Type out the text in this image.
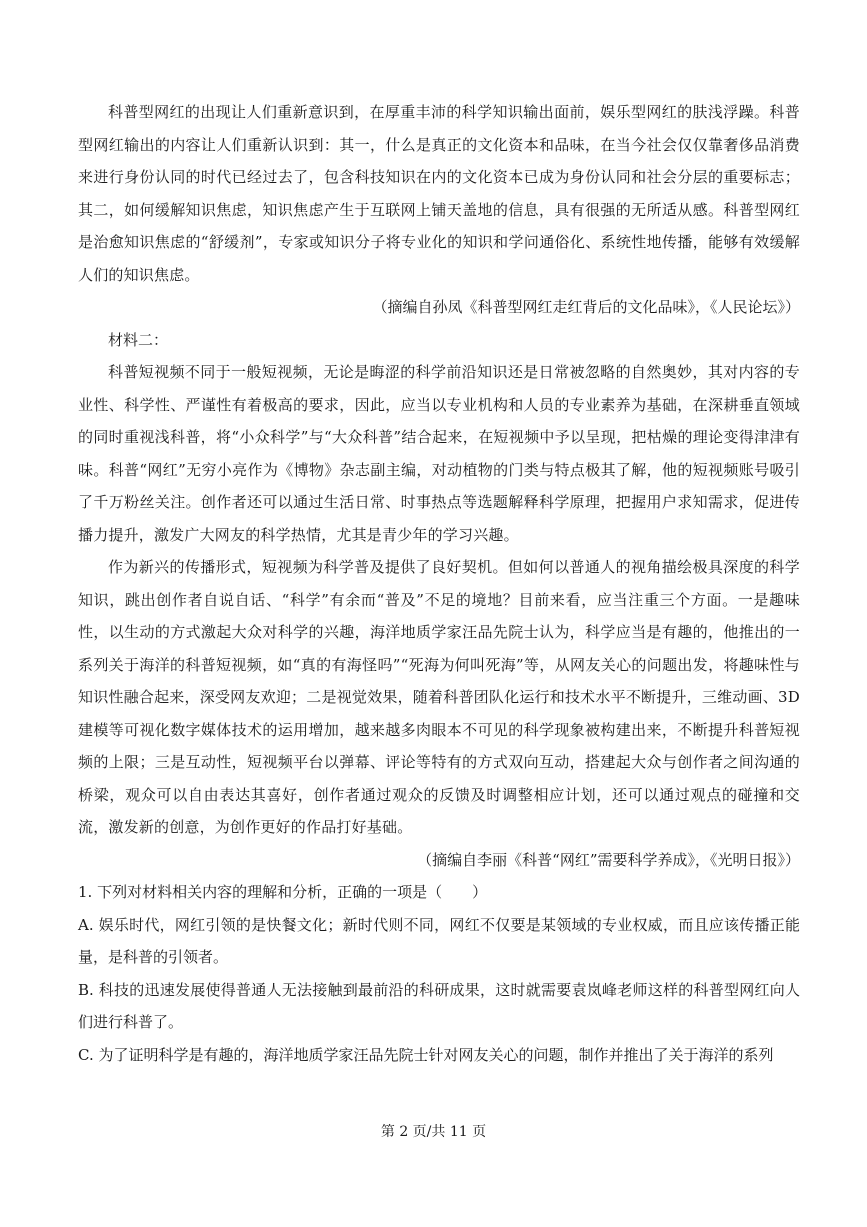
科普型网红的出现让人们重新意识到，在厚重丰沛的科学知识输出面前，娱乐型网红的肤浅浮躁。科普型网红输出的内容让人们重新认识到：其一，什么是真正的文化资本和品味，在当今社会仅仅靠奢侈品消费来进行身份认同的时代已经过去了，包含科技知识在内的文化资本已成为身份认同和社会分层的重要标志；其二，如何缓解知识焦虑，知识焦虑产生于互联网上铺天盖地的信息，具有很强的无所适从感。科普型网红是治愈知识焦虑的“舒缓剂”，专家或知识分子将专业化的知识和学问通俗化、系统性地传播，能够有效缓解人们的知识焦虑。

（摘编自孙凤《科普型网红走红背后的文化品味》，《人民论坛》）

材料二：

科普短视频不同于一般短视频，无论是晦涩的科学前沿知识还是日常被忽略的自然奥妙，其对内容的专业性、科学性、严谨性有着极高的要求，因此，应当以专业机构和人员的专业素养为基础，在深耕垂直领域的同时重视浅科普，将“小众科学”与“大众科普”结合起来，在短视频中予以呈现，把枯燥的理论变得津津有味。科普“网红”无穷小亮作为《博物》杂志副主编，对动植物的门类与特点极其了解，他的短视频账号吸引了千万粉丝关注。创作者还可以通过生活日常、时事热点等选题解释科学原理，把握用户求知需求，促进传播力提升，激发广大网友的科学热情，尤其是青少年的学习兴趣。

作为新兴的传播形式，短视频为科学普及提供了良好契机。但如何以普通人的视角描绘极具深度的科学知识，跳出创作者自说自话、“科学”有余而“普及”不足的境地？目前来看，应当注重三个方面。一是趣味性，以生动的方式激起大众对科学的兴趣，海洋地质学家汪品先院士认为，科学应当是有趣的，他推出的一系列关于海洋的科普短视频，如“真的有海怪吗”“死海为何叫死海”等，从网友关心的问题出发，将趣味性与知识性融合起来，深受网友欢迎；二是视觉效果，随着科普团队化运行和技术水平不断提升，三维动画、3D建模等可视化数字媒体技术的运用增加，越来越多肉眼本不可见的科学现象被构建出来，不断提升科普短视频的上限；三是互动性，短视频平台以弹幕、评论等特有的方式双向互动，搭建起大众与创作者之间沟通的桥梁，观众可以自由表达其喜好，创作者通过观众的反馈及时调整相应计划，还可以通过观点的碰撞和交流，激发新的创意，为创作更好的作品打好基础。

（摘编自李丽《科普“网红”需要科学养成》，《光明日报》）

1. 下列对材料相关内容的理解和分析，正确的一项是（　　）

A. 娱乐时代，网红引领的是快餐文化；新时代则不同，网红不仅要是某领域的专业权威，而且应该传播正能量，是科普的引领者。

B. 科技的迅速发展使得普通人无法接触到最前沿的科研成果，这时就需要袁岚峰老师这样的科普型网红向人们进行科普了。

C. 为了证明科学是有趣的，海洋地质学家汪品先院士针对网友关心的问题，制作并推出了关于海洋的系列

第 2 页/共 11 页
